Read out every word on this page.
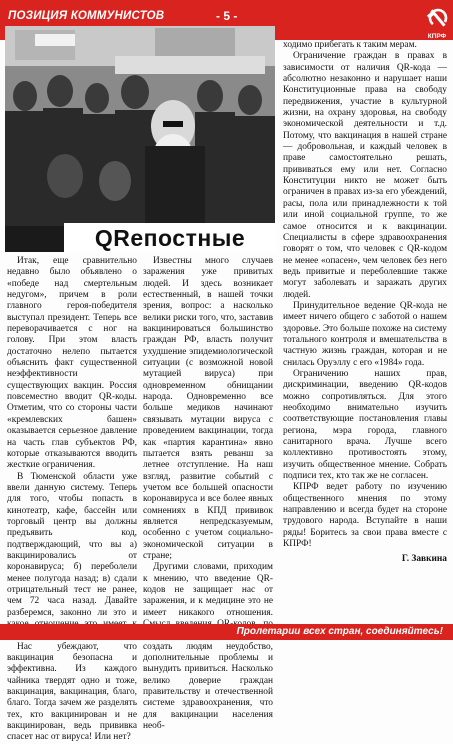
ПОЗИЦИЯ КОММУНИСТОВ	- 5 -
КПРФ
QRепостные

Итак, еще сравнительно недавно было объявлено о «победе над смертельным недугом», причем в роли главного героя-победителя выступал президент. Теперь все переворачивается с ног на голову. При этом власть достаточно нелепо пытается объяснить факт существенной неэффективности существующих вакцин. Россия повсеместно вводит QR-коды. Отметим, что со стороны части «кремлевских башен» оказывается серьезное давление на часть глав субъектов РФ, которые отказываются вводить жесткие ограничения.

В Тюменской области уже ввели данную систему. Теперь для того, чтобы попасть в кинотеатр, кафе, бассейн или торговый центр вы должны предъявить код, подтверждающий, что вы а) вакцинировались от коронавируса; б) переболели менее полугода назад; в) сдали отрицательный тест не ранее, чем 72 часа назад. Давайте разберемся, законно ли это и

Нас убеждают, что вакцинация безопасна и эффективна. Из каждого чайника твердят одно и тоже, вакцинация, вакцинация, благо, благо. Тогда зачем же разделять тех, кто вакцинирован и не вакцинирован, ведь прививка спасет нас от вируса! Или нет?

Известны много случаев заражения уже привитых людей. И здесь возникает естественный, в нашей точки зрения, вопрос: а насколько велики риски того, что, заставив вакцинироваться большинство граждан РФ, власть получит ухудшение эпидемиологической ситуации (с возможной новой мутацией вируса) при одновременном обнищании народа. Одновременно все больше медиков начинают связывать мутации вируса с проведением вакцинации, тогда как «партия карантина» явно пытается взять реванш за летнее отступление. На наш взгляд, развитие событий с учетом все большей опасности коронавируса и все более явных сомнениях в КПД прививок является непредсказуемым, особенно с учетом социально-экономической ситуации в стране;

Другими словами, приходим к мнению, что введение QR-кодов не защищает нас от заражения, и к медицине это не имеет никакого отношения. создать людям неудобство, дополнительные проблемы и вынудить привиться. Насколько велико доверие граждан правительству и отечественной системе здравоохранения, что для вакцинации населения необ-

ходимо прибегать к таким мерам.

Ограничение граждан в правах в зависимости от наличия QR-кода — абсолютно незаконно и нарушает наши Конституционные права на свободу передвижения, участие в культурной жизни, на охрану здоровья, на свободу экономической деятельности и т.д. Потому, что вакцинация в нашей стране — добровольная, и каждый человек в праве самостоятельно решать, прививаться ему или нет. Согласно Конституции никто не может быть ограничен в правах из-за его убеждений, расы, пола или принадлежности к той или иной социальной группе, то же самое относится и к вакцинации. Специалисты в сфере здравоохранения говорят о том, что человек с QR-кодом не менее «опасен», чем человек без него ведь привитые и переболевшие также могут заболевать и заражать других людей.

Принудительное ведение QR-кода не имеет ничего общего с заботой о нашем здоровье. Это больше похоже на систему тотального контроля и вмешательства в частную жизнь граждан, которая и не снилась Оруэллу с его «1984» года.

Ограничению наших прав, дискриминации, введению QR-кодов можно сопротивляться. Для этого необходимо внимательно изучить соответствующие постановления главы региона, мэра города, главного санитарного врача. Лучше всего коллективно противостоять этому, изучить общественное мнение. Собрать подписи тех, кто так же не согласен.

КПРФ ведет работу по изучению общественного мнения по этому направлению и всегда будет на стороне трудового народа. Вступайте в наши ряды! Боритесь за свои права вместе с КПРФ!

Г. Завкина
Пролетарии всех стран, соединяйтесь!
